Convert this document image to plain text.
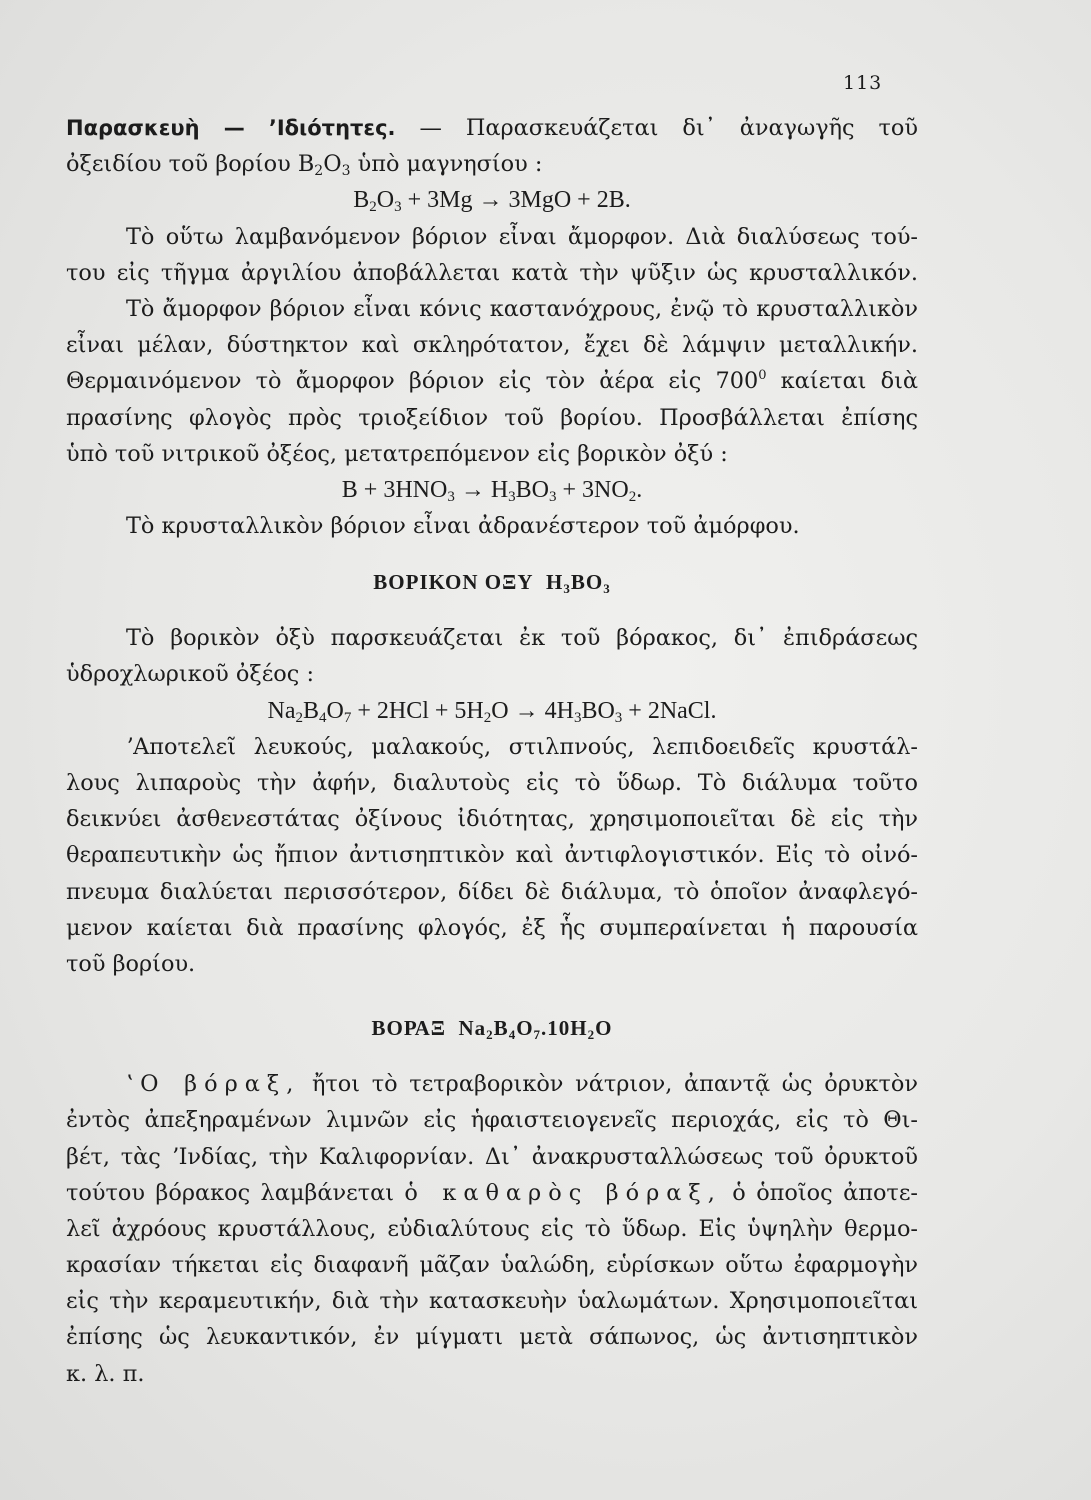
113
Παρασκευὴ — ʼΙδιότητες. — Παρασκευάζεται δι᾽ ἀναγωγῆς τοῦ
ὀξειδίου τοῦ βορίου $B_2O_3$ ὑπὸ μαγνησίου :
$B_2O_3 + 3Mg \to 3MgO + 2B$.
Τὸ οὕτω λαμβανόμενον βόριον εἶναι ἄμορφον. Διὰ διαλύσεως τού-
του εἰς τῆγμα ἀργιλίου ἀποβάλλεται κατὰ τὴν ψῦξιν ὡς κρυσταλλικόν.
Τὸ ἄμορφον βόριον εἶναι κόνις καστανόχρους, ἐνῷ τὸ κρυσταλλικὸν
εἶναι μέλαν, δύστηκτον καὶ σκληρότατον, ἔχει δὲ λάμψιν μεταλλικήν.
Θερμαινόμενον τὸ ἄμορφον βόριον εἰς τὸν ἀέρα εἰς $700^0$ καίεται διὰ
πρασίνης φλογὸς πρὸς τριοξείδιον τοῦ βορίου. Προσβάλλεται ἐπίσης
ὑπὸ τοῦ νιτρικοῦ ὀξέος, μετατρεπόμενον εἰς βορικὸν ὀξύ :
$B + 3HNO_3 \to H_3BO_3 + 3NO_2$.
Τὸ κρυσταλλικὸν βόριον εἶναι ἀδρανέστερον τοῦ ἀμόρφου.
ΒΟΡΙΚΟΝ ΟΞΥ  $H_3BO_3$
Τὸ βορικὸν ὀξὺ παρσκευάζεται ἐκ τοῦ βόρακος, δι᾽ ἐπιδράσεως
ὑδροχλωρικοῦ ὀξέος :
$Na_2B_4O_7 + 2HCl + 5H_2O \to 4H_3BO_3$ + 2NaCl.
ʼΑποτελεῖ λευκούς, μαλακούς, στιλπνούς, λεπιδοειδεῖς κρυστάλ-
λους λιπαροὺς τὴν ἀφήν, διαλυτοὺς εἰς τὸ ὕδωρ. Τὸ διάλυμα τοῦτο
δεικνύει ἀσθενεστάτας ὀξίνους ἰδιότητας, χρησιμοποιεῖται δὲ εἰς τὴν
θεραπευτικὴν ὡς ἤπιον ἀντισηπτικὸν καὶ ἀντιφλογιστικόν. Εἰς τὸ οἰνό-
πνευμα διαλύεται περισσότερον, δίδει δὲ διάλυμα, τὸ ὁποῖον ἀναφλεγό-
μενον καίεται διὰ πρασίνης φλογός, ἐξ ἧς συμπεραίνεται ἡ παρουσία
τοῦ βορίου.
ΒΟΡΑΞ  $Na_2B_4O_7.10H_2O$
ʽΟ βόραξ, ἤτοι τὸ τετραβορικὸν νάτριον, ἀπαντᾷ ὡς ὀρυκτὸν
ἐντὸς ἀπεξηραμένων λιμνῶν εἰς ἡφαιστειογενεῖς περιοχάς, εἰς τὸ Θι-
βέτ, τὰς ʼΙνδίας, τὴν Καλιφορνίαν. Δι᾽ ἀνακρυσταλλώσεως τοῦ ὀρυκτοῦ
τούτου βόρακος λαμβάνεται ὁ καθαρὸς βόραξ, ὁ ὁποῖος ἀποτε-
λεῖ ἀχρόους κρυστάλλους, εὐδιαλύτους εἰς τὸ ὕδωρ. Εἰς ὑψηλὴν θερμο-
κρασίαν τήκεται εἰς διαφανῆ μᾶζαν ὑαλώδη, εὑρίσκων οὕτω ἐφαρμογὴν
εἰς τὴν κεραμευτικήν, διὰ τὴν κατασκευὴν ὑαλωμάτων. Χρησιμοποιεῖται
ἐπίσης ὡς λευκαντικόν, ἐν μίγματι μετὰ σάπωνος, ὡς ἀντισηπτικὸν
κ. λ. π.
